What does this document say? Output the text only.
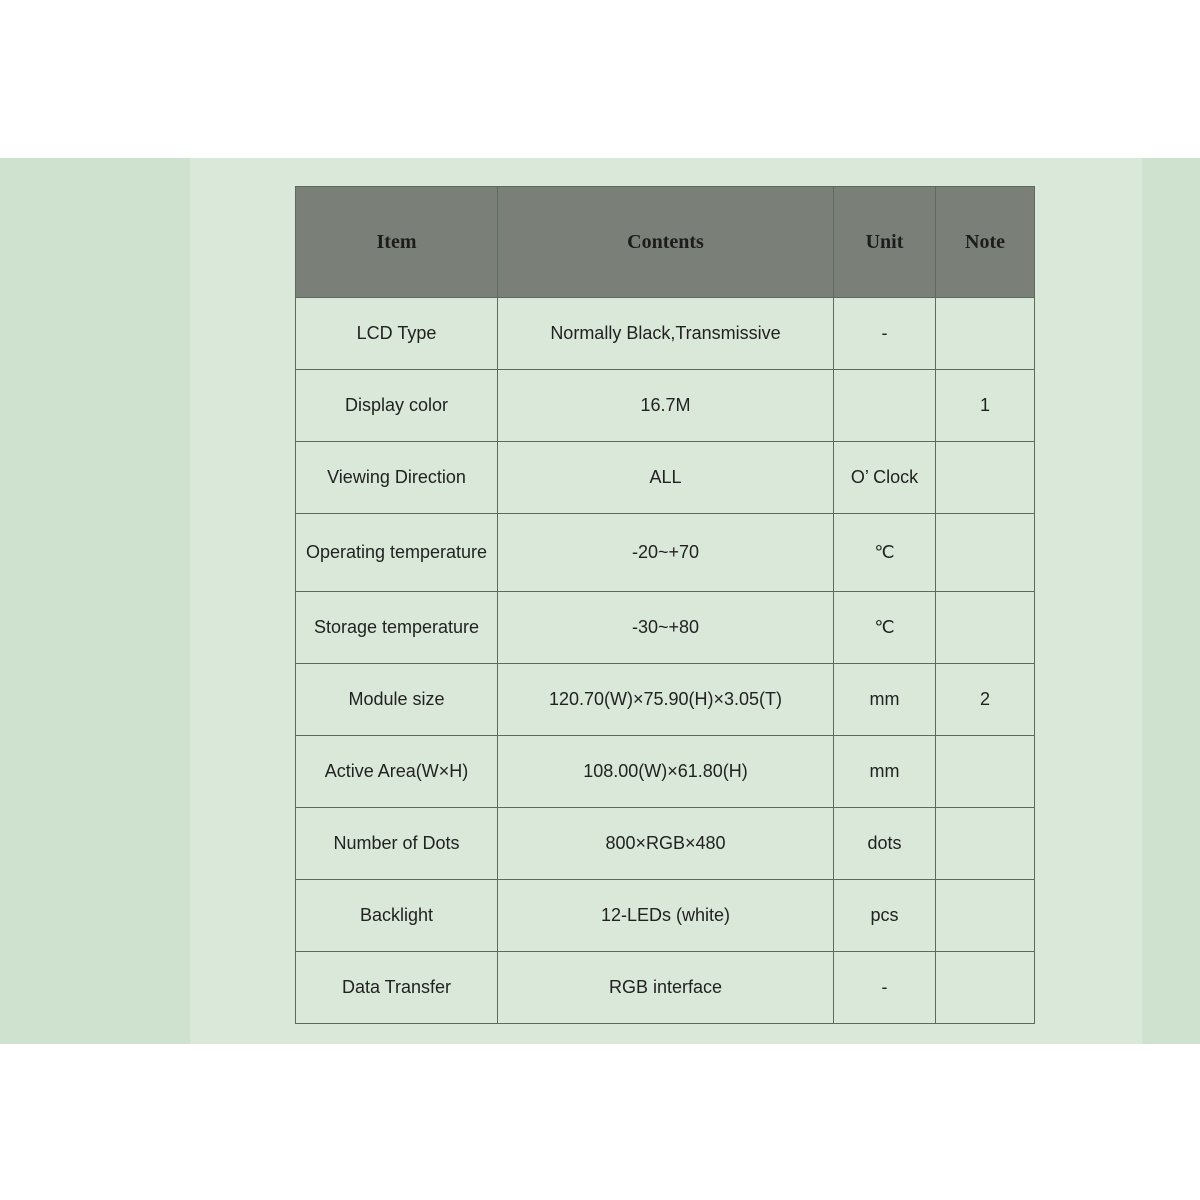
Item	Contents	Unit	Note
LCD Type	Normally Black,Transmissive	-	
Display color	16.7M		1
Viewing Direction	ALL	O’ Clock	
Operating temperature	-20~+70	℃	
Storage temperature	-30~+80	℃	
Module size	120.70(W)×75.90(H)×3.05(T)	mm	2
Active Area(W×H)	108.00(W)×61.80(H)	mm	
Number of Dots	800×RGB×480	dots	
Backlight	12-LEDs (white)	pcs	
Data Transfer	RGB interface	-	
